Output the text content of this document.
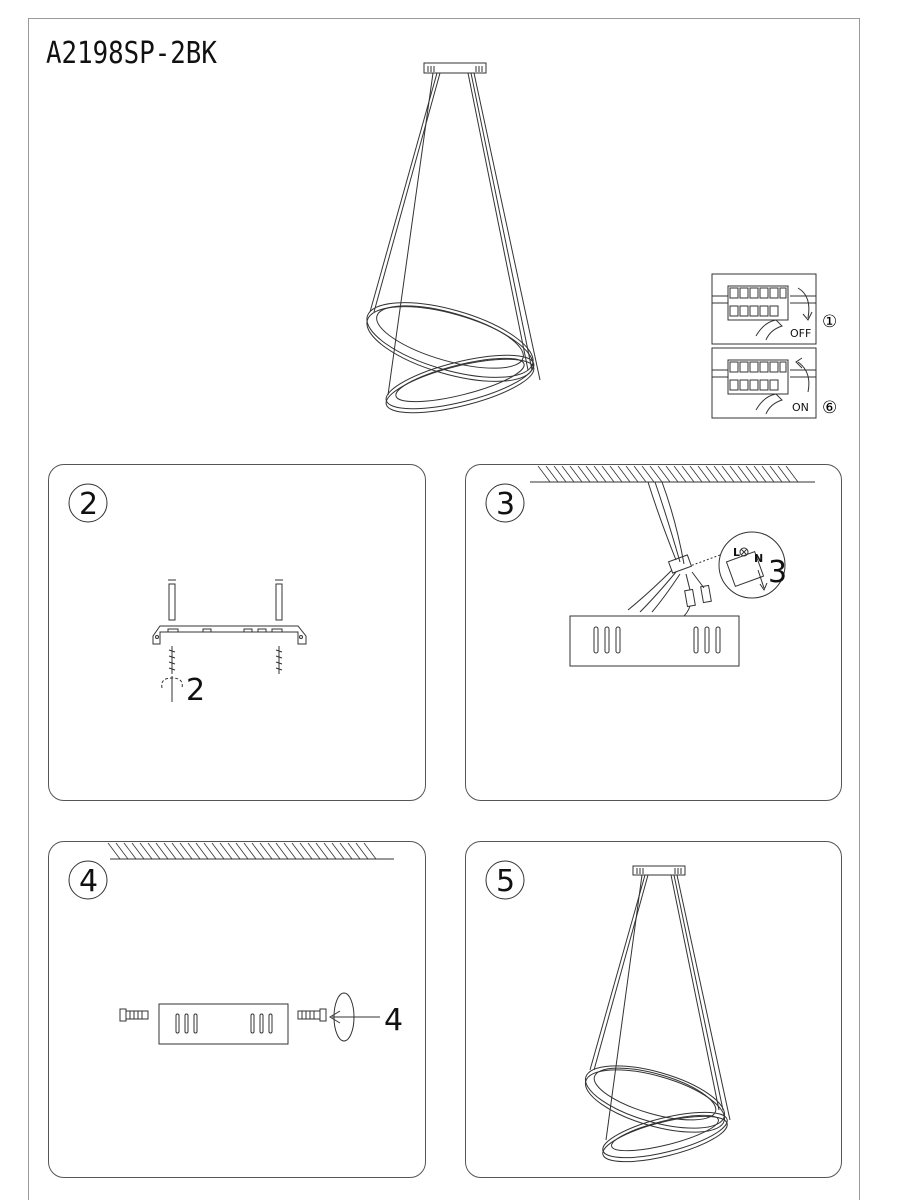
A2198SP-2BK
OFF
①
ON ⑥
2
2
3
3
L N
4
4
5
